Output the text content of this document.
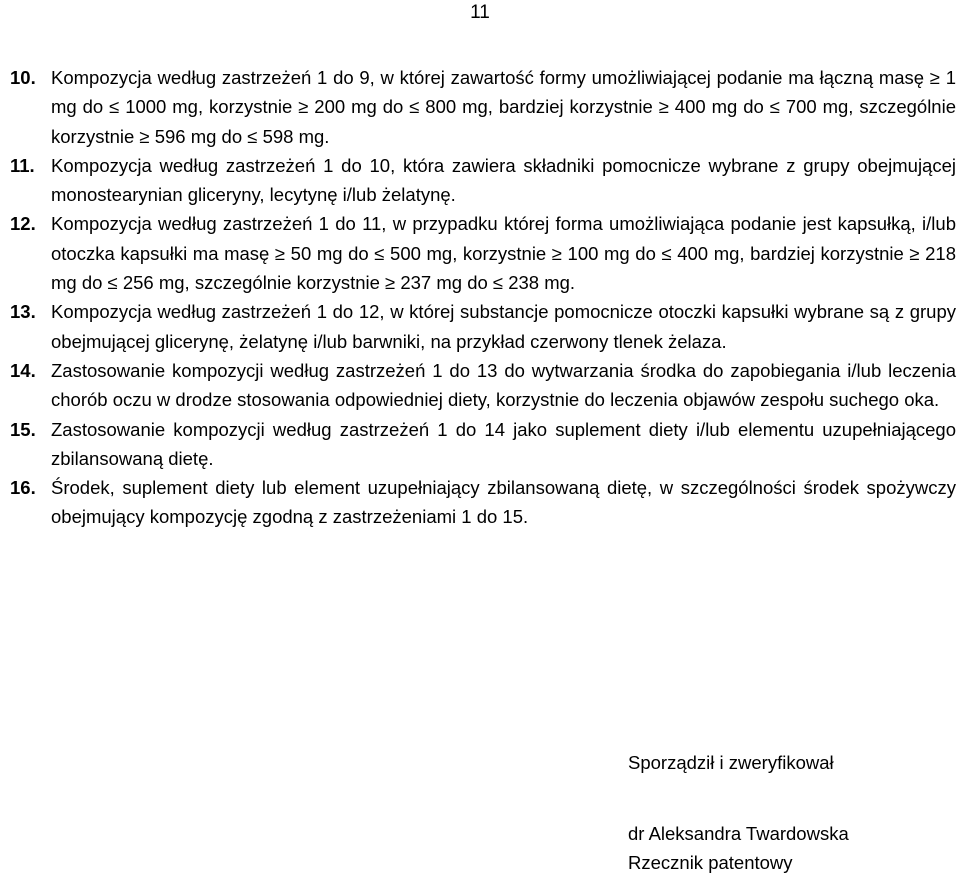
11
10. Kompozycja według zastrzeżeń 1 do 9, w której zawartość formy umożliwiającej podanie ma łączną masę ≥ 1 mg do ≤ 1000 mg, korzystnie ≥ 200 mg do ≤ 800 mg, bardziej korzystnie ≥ 400 mg do ≤ 700 mg, szczególnie korzystnie ≥ 596 mg do ≤ 598 mg.
11. Kompozycja według zastrzeżeń 1 do 10, która zawiera składniki pomocnicze wybrane z grupy obejmującej monostearynian gliceryny, lecytynę i/lub żelatynę.
12. Kompozycja według zastrzeżeń 1 do 11, w przypadku której forma umożliwiająca podanie jest kapsułką, i/lub otoczka kapsułki ma masę ≥ 50 mg do ≤ 500 mg, korzystnie ≥ 100 mg do ≤ 400 mg, bardziej korzystnie ≥ 218 mg do ≤ 256 mg, szczególnie korzystnie ≥ 237 mg do ≤ 238 mg.
13. Kompozycja według zastrzeżeń 1 do 12, w której substancje pomocnicze otoczki kapsułki wybrane są z grupy obejmującej glicerynę, żelatynę i/lub barwniki, na przykład czerwony tlenek żelaza.
14. Zastosowanie kompozycji według zastrzeżeń 1 do 13 do wytwarzania środka do zapobiegania i/lub leczenia chorób oczu w drodze stosowania odpowiedniej diety, korzystnie do leczenia objawów zespołu suchego oka.
15. Zastosowanie kompozycji według zastrzeżeń 1 do 14 jako suplement diety i/lub elementu uzupełniającego zbilansowaną dietę.
16. Środek, suplement diety lub element uzupełniający zbilansowaną dietę, w szczególności środek spożywczy obejmujący kompozycję zgodną z zastrzeżeniami 1 do 15.
Sporządził i zweryfikował
dr Aleksandra Twardowska
Rzecznik patentowy
